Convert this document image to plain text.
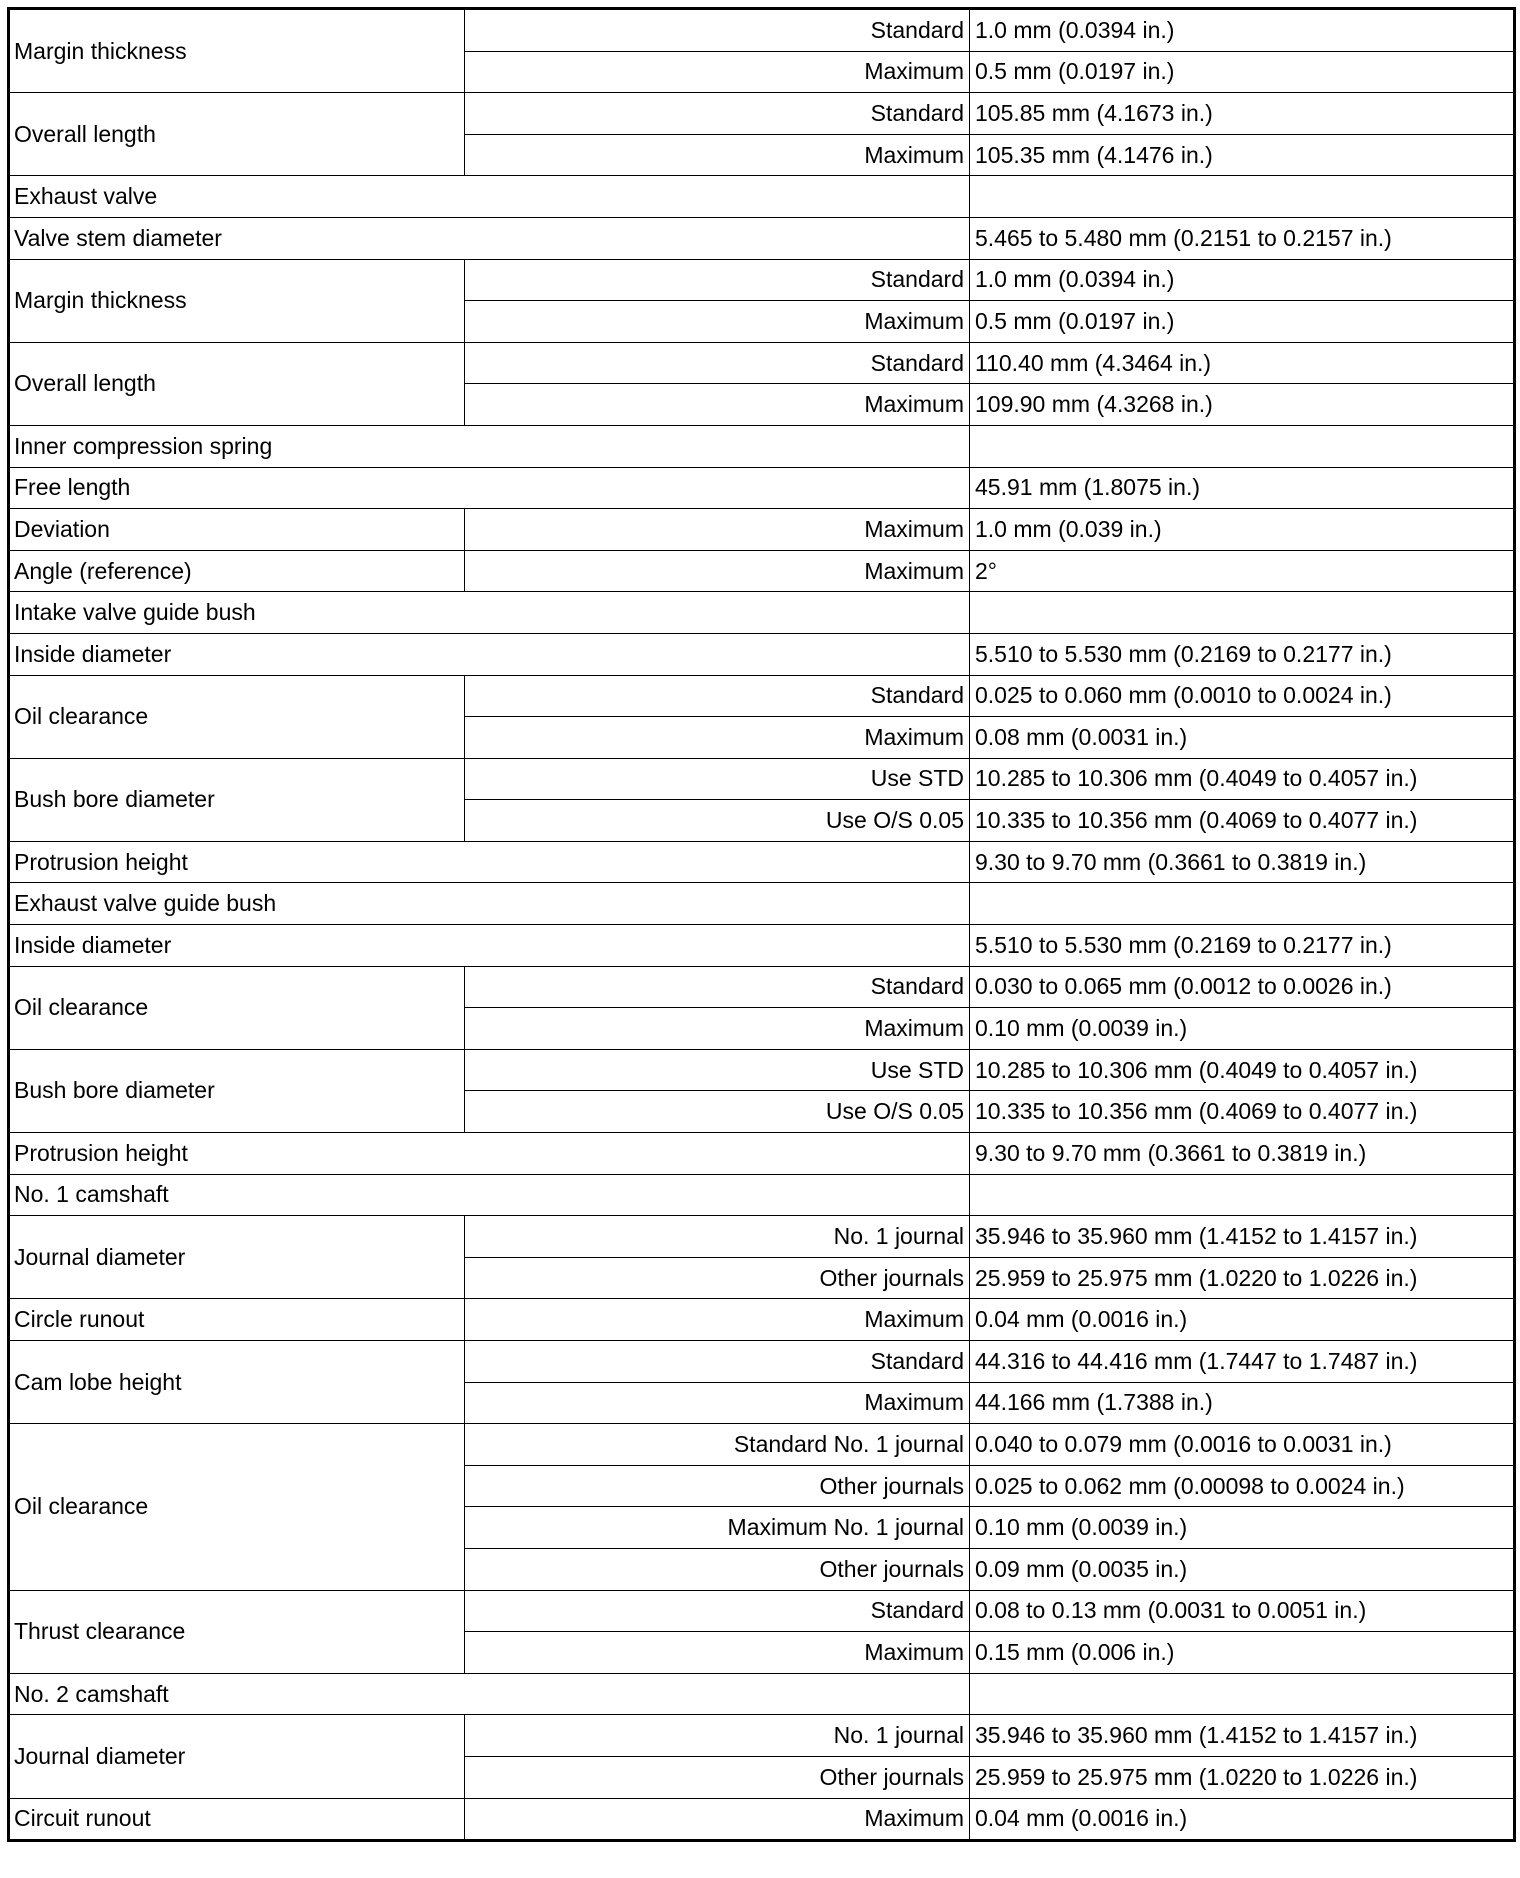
Margin thickness	Standard	1.0 mm (0.0394 in.)
	Maximum	0.5 mm (0.0197 in.)
Overall length	Standard	105.85 mm (4.1673 in.)
	Maximum	105.35 mm (4.1476 in.)
Exhaust valve		
Valve stem diameter		5.465 to 5.480 mm (0.2151 to 0.2157 in.)
Margin thickness	Standard	1.0 mm (0.0394 in.)
	Maximum	0.5 mm (0.0197 in.)
Overall length	Standard	110.40 mm (4.3464 in.)
	Maximum	109.90 mm (4.3268 in.)
Inner compression spring		
Free length		45.91 mm (1.8075 in.)
Deviation	Maximum	1.0 mm (0.039 in.)
Angle (reference)	Maximum	2°
Intake valve guide bush		
Inside diameter		5.510 to 5.530 mm (0.2169 to 0.2177 in.)
Oil clearance	Standard	0.025 to 0.060 mm (0.0010 to 0.0024 in.)
	Maximum	0.08 mm (0.0031 in.)
Bush bore diameter	Use STD	10.285 to 10.306 mm (0.4049 to 0.4057 in.)
	Use O/S 0.05	10.335 to 10.356 mm (0.4069 to 0.4077 in.)
Protrusion height		9.30 to 9.70 mm (0.3661 to 0.3819 in.)
Exhaust valve guide bush		
Inside diameter		5.510 to 5.530 mm (0.2169 to 0.2177 in.)
Oil clearance	Standard	0.030 to 0.065 mm (0.0012 to 0.0026 in.)
	Maximum	0.10 mm (0.0039 in.)
Bush bore diameter	Use STD	10.285 to 10.306 mm (0.4049 to 0.4057 in.)
	Use O/S 0.05	10.335 to 10.356 mm (0.4069 to 0.4077 in.)
Protrusion height		9.30 to 9.70 mm (0.3661 to 0.3819 in.)
No. 1 camshaft		
Journal diameter	No. 1 journal	35.946 to 35.960 mm (1.4152 to 1.4157 in.)
	Other journals	25.959 to 25.975 mm (1.0220 to 1.0226 in.)
Circle runout	Maximum	0.04 mm (0.0016 in.)
Cam lobe height	Standard	44.316 to 44.416 mm (1.7447 to 1.7487 in.)
	Maximum	44.166 mm (1.7388 in.)
Oil clearance	Standard No. 1 journal	0.040 to 0.079 mm (0.0016 to 0.0031 in.)
	Other journals	0.025 to 0.062 mm (0.00098 to 0.0024 in.)
	Maximum No. 1 journal	0.10 mm (0.0039 in.)
	Other journals	0.09 mm (0.0035 in.)
Thrust clearance	Standard	0.08 to 0.13 mm (0.0031 to 0.0051 in.)
	Maximum	0.15 mm (0.006 in.)
No. 2 camshaft		
Journal diameter	No. 1 journal	35.946 to 35.960 mm (1.4152 to 1.4157 in.)
	Other journals	25.959 to 25.975 mm (1.0220 to 1.0226 in.)
Circuit runout	Maximum	0.04 mm (0.0016 in.)
